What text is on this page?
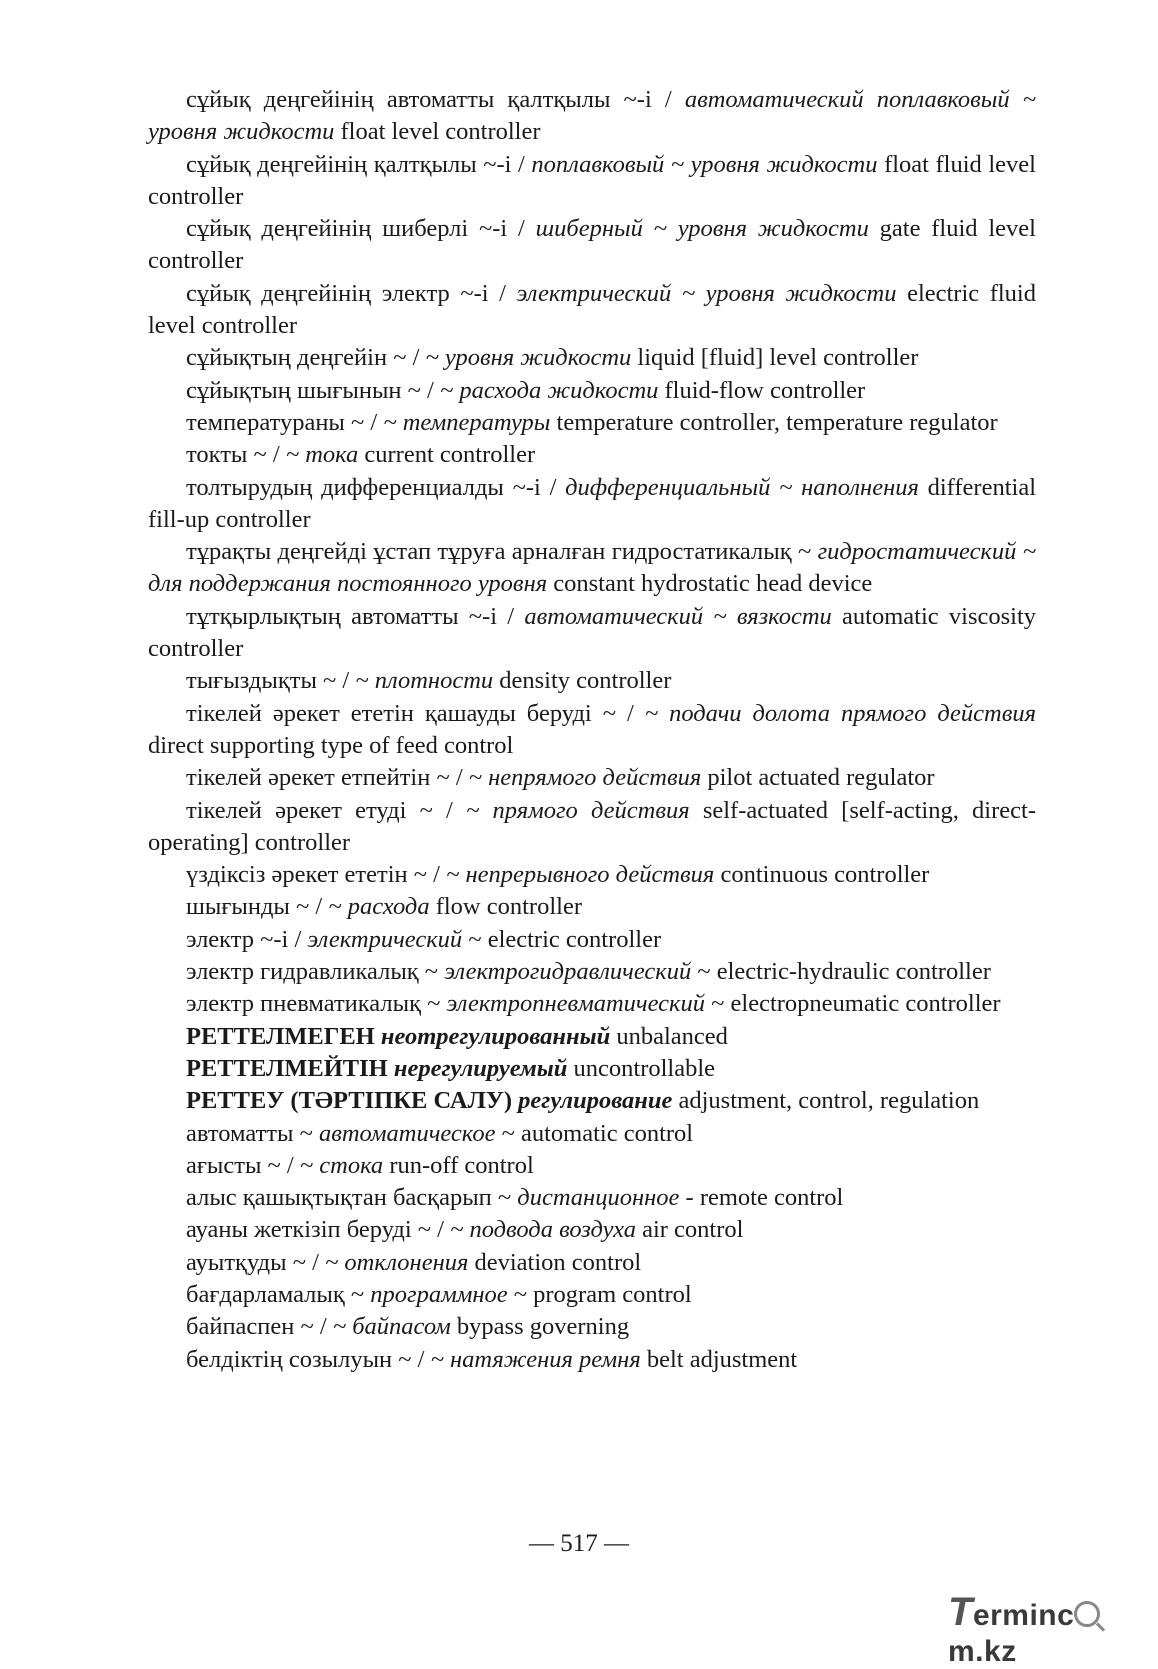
сұйық деңгейінің автоматты қалтқылы ~-і / автоматический поплавковый ~ уровня жидкости float level controller

сұйық деңгейінің қалтқылы ~-і / поплавковый ~ уровня жидкости float fluid level controller

сұйық деңгейінің шиберлі ~-і / шиберный ~ уровня жидкости gate fluid level controller

сұйық деңгейінің электр ~-і / электрический ~ уровня жидкости electric fluid level controller

сұйықтың деңгейін ~ / ~ уровня жидкости liquid [fluid] level controller

сұйықтың шығынын ~ / ~ расхода жидкости fluid-flow controller

температураны ~ / ~ температуры temperature controller, temperature regulator

токты ~ / ~ тока current controller

толтырудың дифференциалды ~-і / дифференциальный ~ наполнения differential fill-up controller

тұрақты деңгейді ұстап тұруға арналған гидростатикалық ~ гидростатический ~ для поддержания постоянного уровня constant hydrostatic head device

тұтқырлықтың автоматты ~-і / автоматический ~ вязкости automatic viscosity controller

тығыздықты ~ / ~ плотности density controller

тікелей әрекет ететін қашауды беруді ~ / ~ подачи долота прямого действия direct supporting type of feed control

тікелей әрекет етпейтін ~ / ~ непрямого действия pilot actuated regulator

тікелей әрекет етуді ~ / ~ прямого действия self-actuated [self-acting, direct-operating] controller

үздіксіз әрекет ететін ~ / ~ непрерывного действия continuous controller

шығынды ~ / ~ расхода flow controller

электр ~-і / электрический ~ electric controller

электр гидравликалық ~ электрогидравлический ~ electric-hydraulic controller

электр пневматикалық ~ электропневматический ~ electropneumatic controller

РЕТТЕЛМЕГЕН неотрегулированный unbalanced

РЕТТЕЛМЕЙТІН нерегулируемый uncontrollable

РЕТТЕУ (ТӘРТІПКЕ САЛУ) регулирование adjustment, control, regulation

автоматты ~ автоматическое ~ automatic control

ағысты ~ / ~ стока run-off control

алыс қашықтықтан басқарып ~ дистанционное - remote control

ауаны жеткізіп беруді ~ / ~ подвода воздуха air control

ауытқуды ~ / ~ отклонения deviation control

бағдарламалық ~ программное ~ program control

байпаспен ~ / ~ байпасом bypass governing

белдіктің созылуын ~ / ~ натяжения ремня belt adjustment

— 517 —
Termincm.kz
